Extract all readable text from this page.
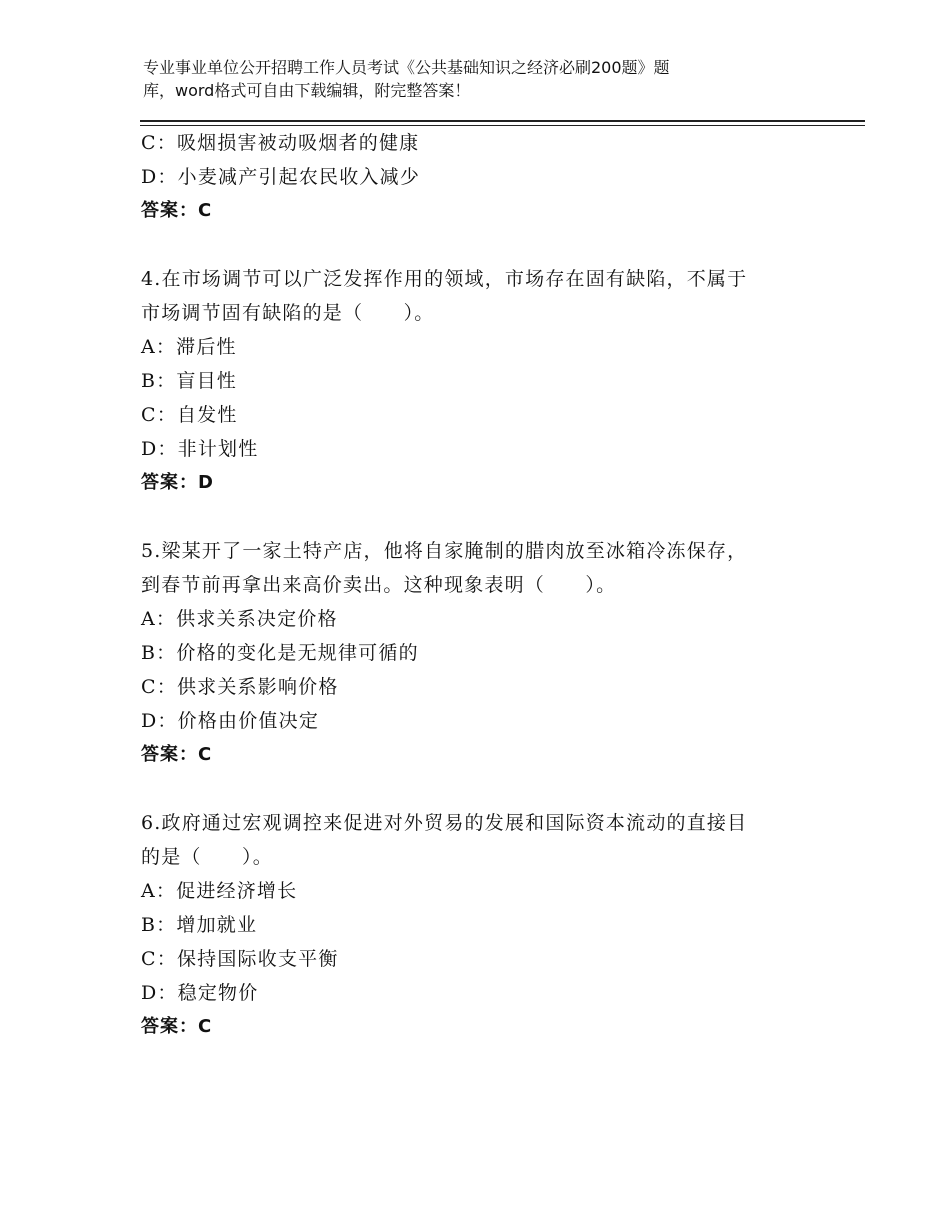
专业事业单位公开招聘工作人员考试《公共基础知识之经济必刷200题》题
库，word格式可自由下载编辑，附完整答案！
C：吸烟损害被动吸烟者的健康
D：小麦减产引起农民收入减少
答案：C
4.在市场调节可以广泛发挥作用的领域，市场存在固有缺陷，不属于
市场调节固有缺陷的是（　　）。
A：滞后性
B：盲目性
C：自发性
D：非计划性
答案：D
5.梁某开了一家土特产店，他将自家腌制的腊肉放至冰箱冷冻保存，
到春节前再拿出来高价卖出。这种现象表明（　　）。
A：供求关系决定价格
B：价格的变化是无规律可循的
C：供求关系影响价格
D：价格由价值决定
答案：C
6.政府通过宏观调控来促进对外贸易的发展和国际资本流动的直接目
的是（　　）。
A：促进经济增长
B：增加就业
C：保持国际收支平衡
D：稳定物价
答案：C
